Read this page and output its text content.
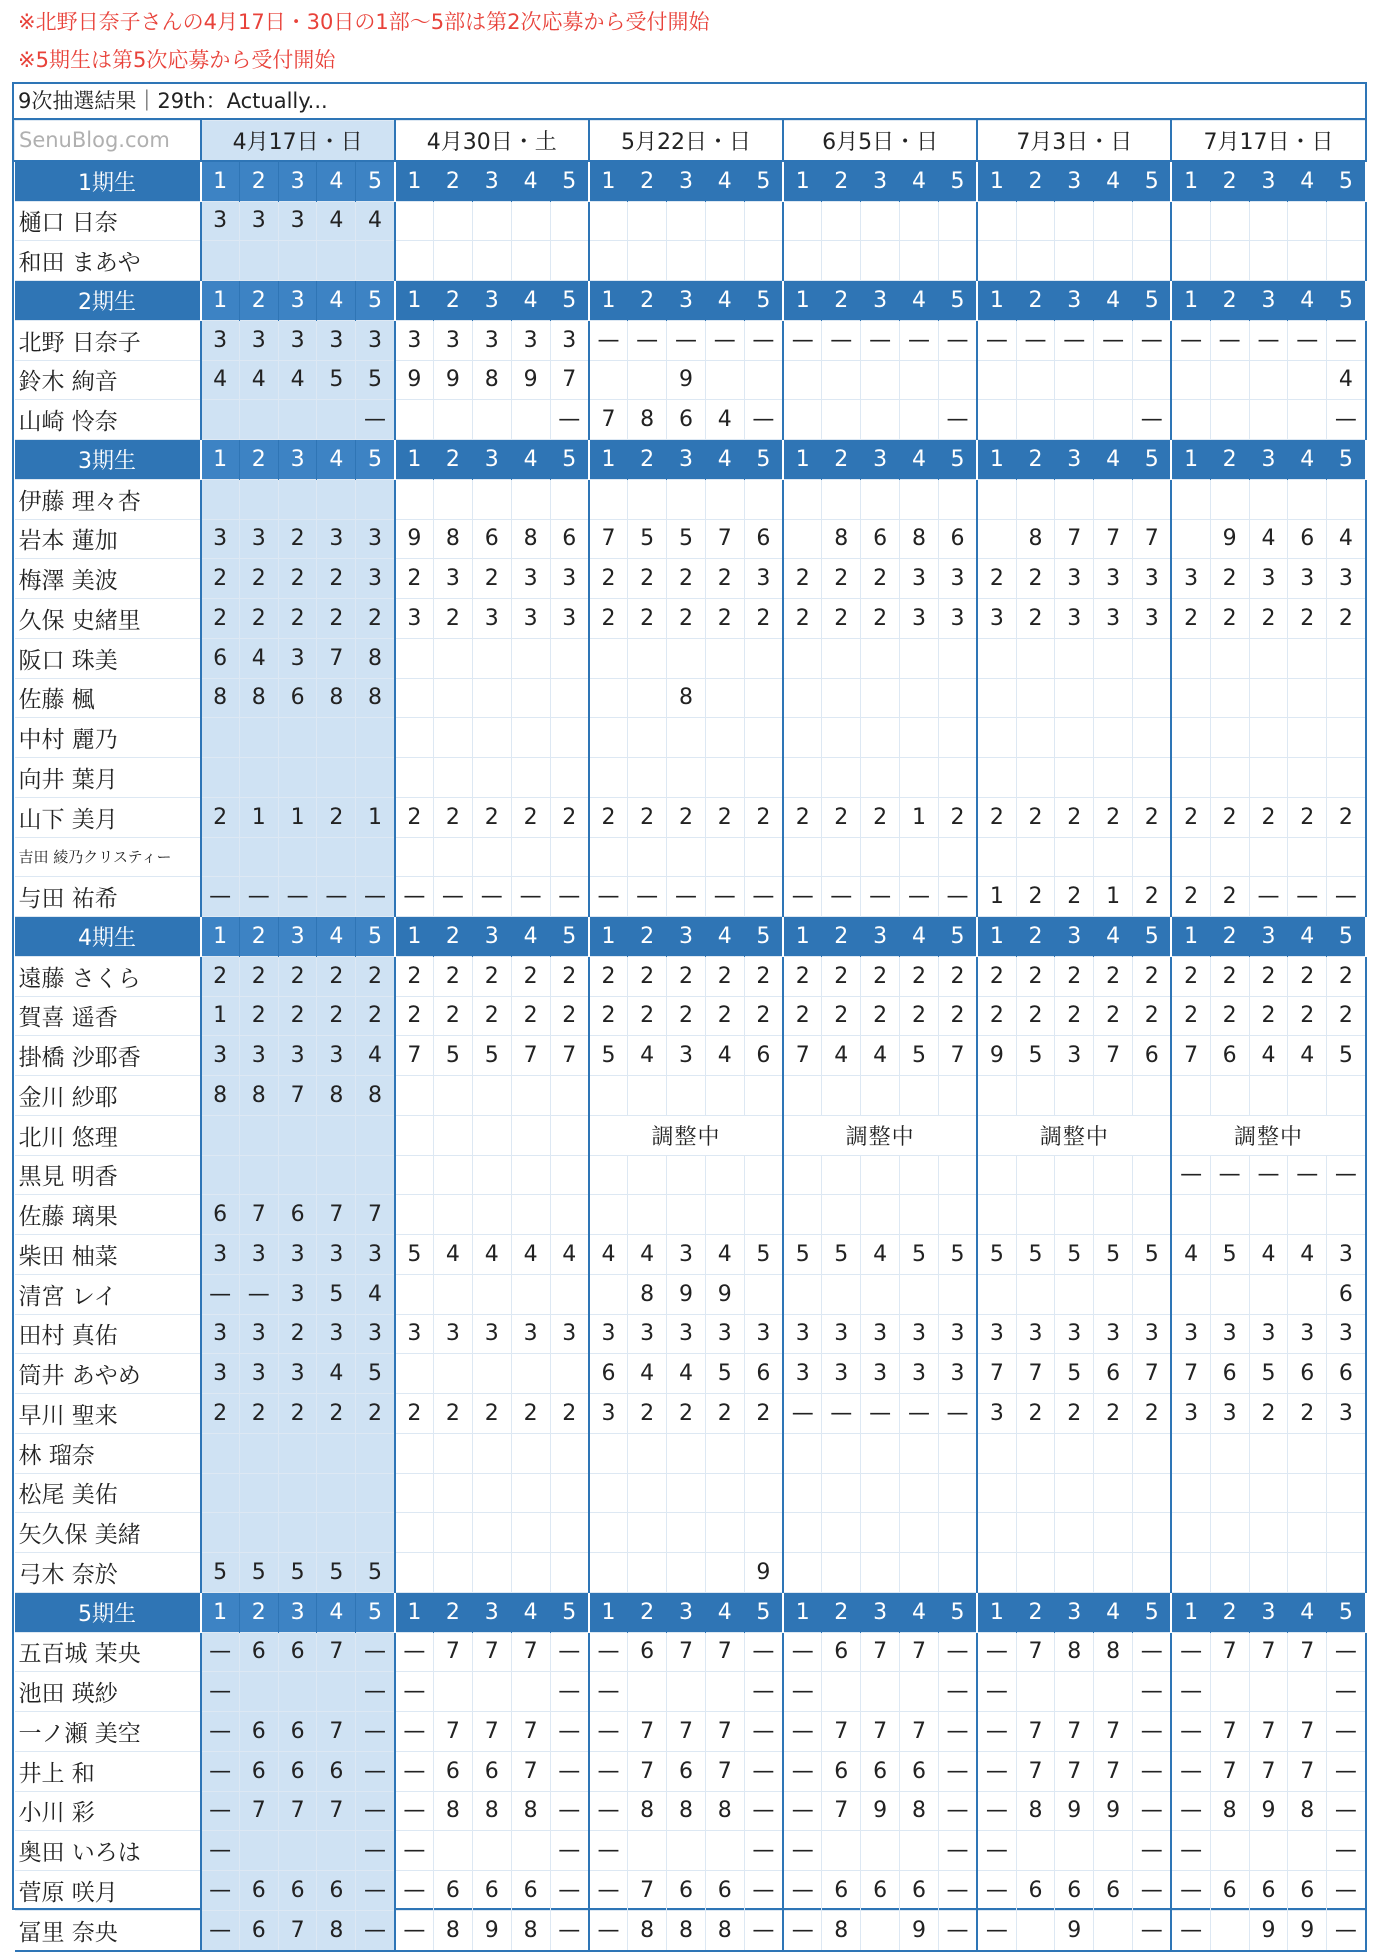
※北野日奈子さんの4月17日・30日の1部〜5部は第2次応募から受付開始
※5期生は第5次応募から受付開始
9次抽選結果｜29th：Actually...
SenuBlog.com	4月17日・日					4月30日・土					5月22日・日					6月5日・日					7月3日・日					7月17日・日				
1期生	1	2	3	4	5	1	2	3	4	5	1	2	3	4	5	1	2	3	4	5	1	2	3	4	5	1	2	3	4	5
樋口 日奈	3	3	3	4	4																									
和田 まあや																														
2期生	1	2	3	4	5	1	2	3	4	5	1	2	3	4	5	1	2	3	4	5	1	2	3	4	5	1	2	3	4	5
北野 日奈子	3	3	3	3	3	3	3	3	3	3	—	—	—	—	—	—	—	—	—	—	—	—	—	—	—	—	—	—	—	—
鈴木 絢音	4	4	4	5	5	9	9	8	9	7			9																	4
山崎 怜奈					—					—	7	8	6	4	—					—					—					—
3期生	1	2	3	4	5	1	2	3	4	5	1	2	3	4	5	1	2	3	4	5	1	2	3	4	5	1	2	3	4	5
伊藤 理々杏																														
岩本 蓮加	3	3	2	3	3	9	8	6	8	6	7	5	5	7	6		8	6	8	6		8	7	7	7		9	4	6	4
梅澤 美波	2	2	2	2	3	2	3	2	3	3	2	2	2	2	3	2	2	2	3	3	2	2	3	3	3	3	2	3	3	3
久保 史緒里	2	2	2	2	2	3	2	3	3	3	2	2	2	2	2	2	2	2	3	3	3	2	3	3	3	2	2	2	2	2
阪口 珠美	6	4	3	7	8																									
佐藤 楓	8	8	6	8	8								8																	
中村 麗乃																														
向井 葉月																														
山下 美月	2	1	1	2	1	2	2	2	2	2	2	2	2	2	2	2	2	2	1	2	2	2	2	2	2	2	2	2	2	2
吉田 綾乃クリスティー																														
与田 祐希	—	—	—	—	—	—	—	—	—	—	—	—	—	—	—	—	—	—	—	—	1	2	2	1	2	2	2	—	—	—
4期生	1	2	3	4	5	1	2	3	4	5	1	2	3	4	5	1	2	3	4	5	1	2	3	4	5	1	2	3	4	5
遠藤 さくら	2	2	2	2	2	2	2	2	2	2	2	2	2	2	2	2	2	2	2	2	2	2	2	2	2	2	2	2	2	2
賀喜 遥香	1	2	2	2	2	2	2	2	2	2	2	2	2	2	2	2	2	2	2	2	2	2	2	2	2	2	2	2	2	2
掛橋 沙耶香	3	3	3	3	4	7	5	5	7	7	5	4	3	4	6	7	4	4	5	7	9	5	3	7	6	7	6	4	4	5
金川 紗耶	8	8	7	8	8																									
北川 悠理											調整中					調整中					調整中					調整中				
黒見 明香																										—	—	—	—	—
佐藤 璃果	6	7	6	7	7																									
柴田 柚菜	3	3	3	3	3	5	4	4	4	4	4	4	3	4	5	5	5	4	5	5	5	5	5	5	5	4	5	4	4	3
清宮 レイ	—	—	3	5	4							8	9	9																6
田村 真佑	3	3	2	3	3	3	3	3	3	3	3	3	3	3	3	3	3	3	3	3	3	3	3	3	3	3	3	3	3	3
筒井 あやめ	3	3	3	4	5						6	4	4	5	6	3	3	3	3	3	7	7	5	6	7	7	6	5	6	6
早川 聖来	2	2	2	2	2	2	2	2	2	2	3	2	2	2	2	—	—	—	—	—	3	2	2	2	2	3	3	2	2	3
林 瑠奈																														
松尾 美佑																														
矢久保 美緒																														
弓木 奈於	5	5	5	5	5										9															
5期生	1	2	3	4	5	1	2	3	4	5	1	2	3	4	5	1	2	3	4	5	1	2	3	4	5	1	2	3	4	5
五百城 茉央	—	6	6	7	—	—	7	7	7	—	—	6	7	7	—	—	6	7	7	—	—	7	8	8	—	—	7	7	7	—
池田 瑛紗	—				—	—				—	—				—	—				—	—				—	—				—
一ノ瀬 美空	—	6	6	7	—	—	7	7	7	—	—	7	7	7	—	—	7	7	7	—	—	7	7	7	—	—	7	7	7	—
井上 和	—	6	6	6	—	—	6	6	7	—	—	7	6	7	—	—	6	6	6	—	—	7	7	7	—	—	7	7	7	—
小川 彩	—	7	7	7	—	—	8	8	8	—	—	8	8	8	—	—	7	9	8	—	—	8	9	9	—	—	8	9	8	—
奥田 いろは	—				—	—				—	—				—	—				—	—				—	—				—
菅原 咲月	—	6	6	6	—	—	6	6	6	—	—	7	6	6	—	—	6	6	6	—	—	6	6	6	—	—	6	6	6	—
冨里 奈央	—	6	7	8	—	—	8	9	8	—	—	8	8	8	—	—	8		9	—	—		9		—	—		9	9	—
